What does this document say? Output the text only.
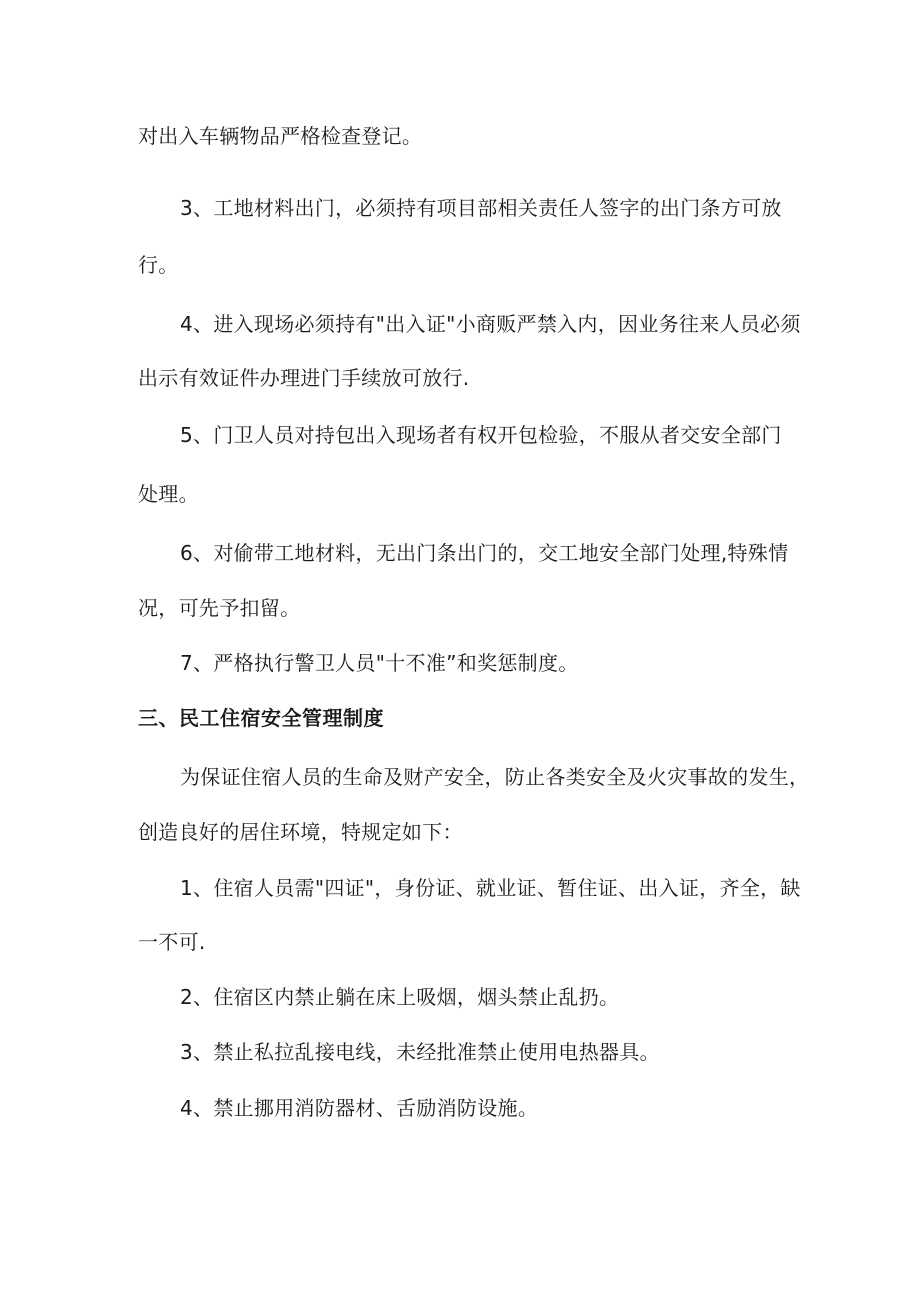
对出入车辆物品严格检查登记。
3、工地材料出门，必须持有项目部相关责任人签字的出门条方可放
行。
4、进入现场必须持有"出入证"小商贩严禁入内，因业务往来人员必须
出示有效证件办理进门手续放可放行.
5、门卫人员对持包出入现场者有权开包检验，不服从者交安全部门
处理。
6、对偷带工地材料，无出门条出门的，交工地安全部门处理,特殊情
况，可先予扣留。
7、严格执行警卫人员"十不准”和奖惩制度。
三、民工住宿安全管理制度
为保证住宿人员的生命及财产安全，防止各类安全及火灾事故的发生，
创造良好的居住环境，特规定如下：
1、住宿人员需"四证"，身份证、就业证、暂住证、出入证，齐全，缺
一不可.
2、住宿区内禁止躺在床上吸烟，烟头禁止乱扔。
3、禁止私拉乱接电线，未经批准禁止使用电热器具。
4、禁止挪用消防器材、舌励消防设施。
